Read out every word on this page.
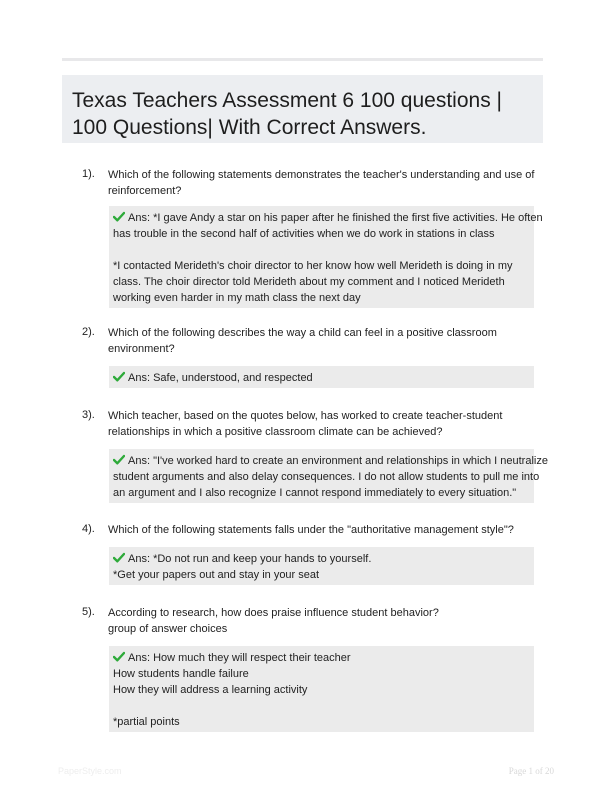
Texas Teachers Assessment 6 100 questions | 100 Questions| With Correct Answers.
1). Which of the following statements demonstrates the teacher's understanding and use of reinforcement?
Ans: *I gave Andy a star on his paper after he finished the first five activities. He often
has trouble in the second half of activities when we do work in stations in class
*I contacted Merideth's choir director to her know how well Merideth is doing in my
class. The choir director told Merideth about my comment and I noticed Merideth
working even harder in my math class the next day
2). Which of the following describes the way a child can feel in a positive classroom environment?
Ans: Safe, understood, and respected
3). Which teacher, based on the quotes below, has worked to create teacher-student relationships in which a positive classroom climate can be achieved?
Ans: "I've worked hard to create an environment and relationships in which I neutralize
student arguments and also delay consequences. I do not allow students to pull me into
an argument and I also recognize I cannot respond immediately to every situation."
4). Which of the following statements falls under the "authoritative management style"?
Ans: *Do not run and keep your hands to yourself.
*Get your papers out and stay in your seat
5). According to research, how does praise influence student behavior?
group of answer choices
Ans: How much they will respect their teacher
How students handle failure
How they will address a learning activity
*partial points
PaperStyle.com	Page 1 of 20
